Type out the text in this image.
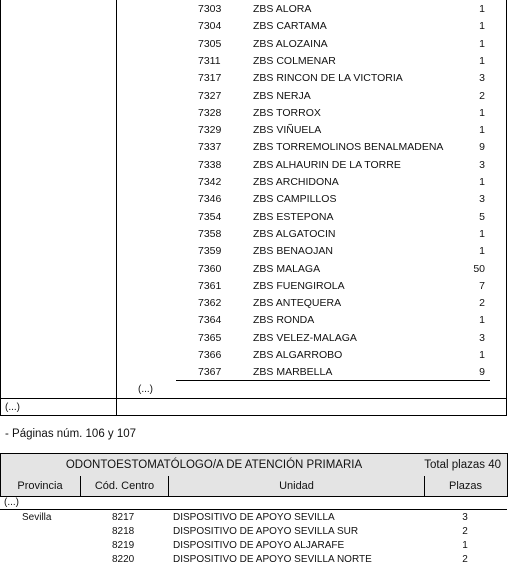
7303	ZBS ALORA	1
7304	ZBS CARTAMA	1
7305	ZBS ALOZAINA	1
7311	ZBS COLMENAR	1
7317	ZBS RINCON DE LA VICTORIA	3
7327	ZBS NERJA	2
7328	ZBS TORROX	1
7329	ZBS VIÑUELA	1
7337	ZBS TORREMOLINOS BENALMADENA	9
7338	ZBS ALHAURIN DE LA TORRE	3
7342	ZBS ARCHIDONA	1
7346	ZBS CAMPILLOS	3
7354	ZBS ESTEPONA	5
7358	ZBS ALGATOCIN	1
7359	ZBS BENAOJAN	1
7360	ZBS MALAGA	50
7361	ZBS FUENGIROLA	7
7362	ZBS ANTEQUERA	2
7364	ZBS RONDA	1
7365	ZBS VELEZ-MALAGA	3
7366	ZBS ALGARROBO	1
7367	ZBS MARBELLA	9
(...)
(...)
- Páginas núm. 106 y 107
ODONTOESTOMATÓLOGO/A DE ATENCIÓN PRIMARIA	Total plazas 40
Provincia	Cód. Centro	Unidad	Plazas
(...)
Sevilla	8217	DISPOSITIVO DE APOYO SEVILLA	3
8218	DISPOSITIVO DE APOYO SEVILLA SUR	2
8219	DISPOSITIVO DE APOYO ALJARAFE	1
8220	DISPOSITIVO DE APOYO SEVILLA NORTE	2
